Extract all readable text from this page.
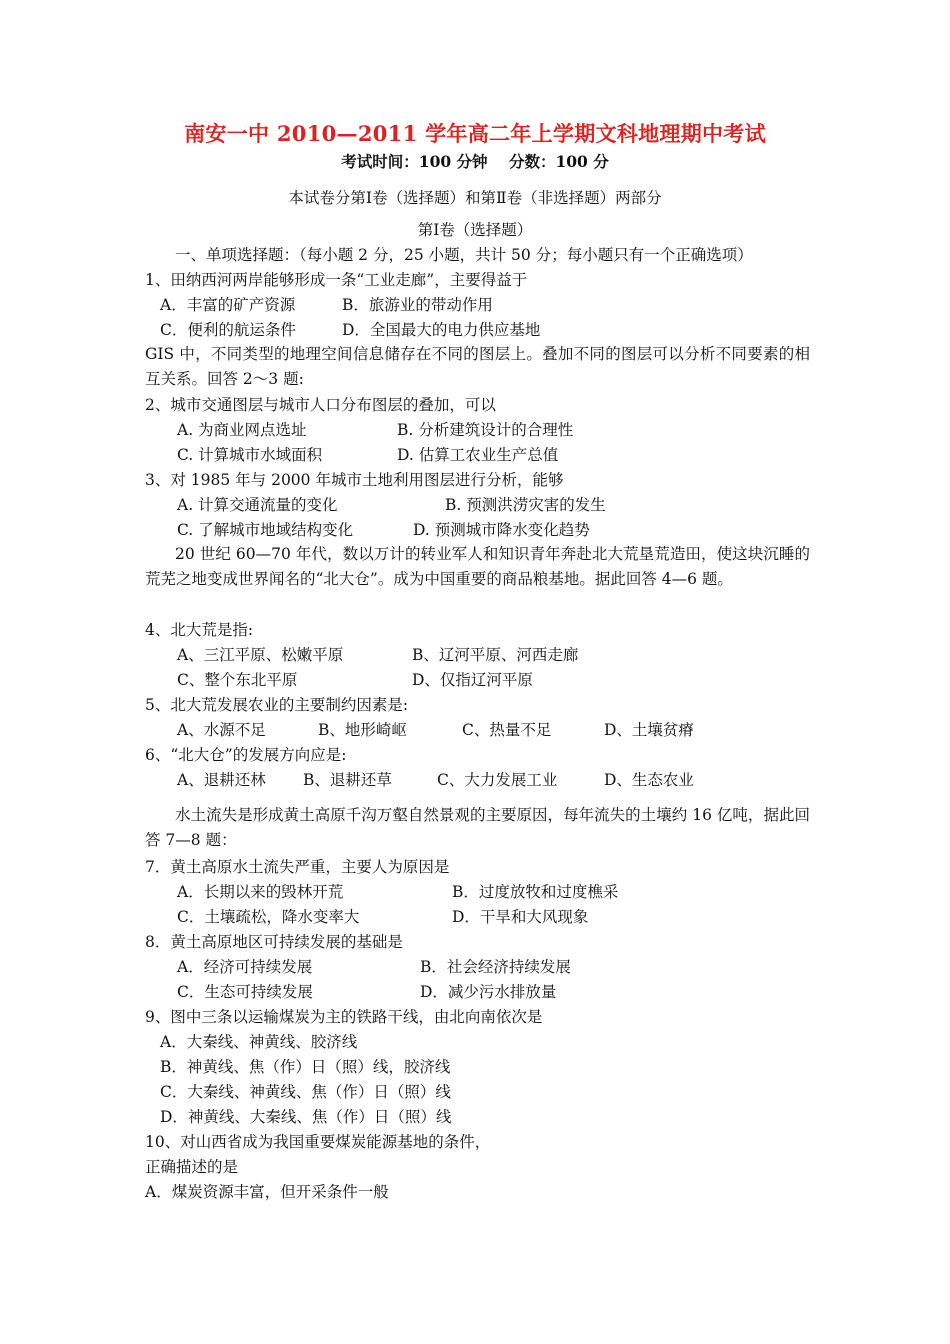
南安一中 2010—2011 学年高二年上学期文科地理期中考试
考试时间：100 分钟 分数：100 分
本试卷分第Ⅰ卷（选择题）和第Ⅱ卷（非选择题）两部分
第Ⅰ卷（选择题）
一、单项选择题：（每小题 2 分，25 小题，共计 50 分；每小题只有一个正确选项）
1、田纳西河两岸能够形成一条“工业走廊”，主要得益于
A．丰富的矿产资源	B．旅游业的带动作用
C．便利的航运条件	D．全国最大的电力供应基地
GIS 中，不同类型的地理空间信息储存在不同的图层上。叠加不同的图层可以分析不同要素的相互关系。回答 2～3 题:
2、城市交通图层与城市人口分布图层的叠加，可以
A. 为商业网点选址	B. 分析建筑设计的合理性
C. 计算城市水域面积	D. 估算工农业生产总值
3、对 1985 年与 2000 年城市土地利用图层进行分析，能够
A. 计算交通流量的变化	B. 预测洪涝灾害的发生
C. 了解城市地域结构变化	D. 预测城市降水变化趋势
20 世纪 60—70 年代，数以万计的转业军人和知识青年奔赴北大荒垦荒造田，使这块沉睡的荒芜之地变成世界闻名的“北大仓”。成为中国重要的商品粮基地。据此回答 4—6 题。
4、北大荒是指:
A、三江平原、松嫩平原	B、辽河平原、河西走廊
C、整个东北平原	D、仅指辽河平原
5、北大荒发展农业的主要制约因素是:
A、水源不足	B、地形崎岖	C、热量不足	D、土壤贫瘠
6、“北大仓”的发展方向应是:
A、退耕还林 B、退耕还草	C、大力发展工业	D、生态农业
水土流失是形成黄土高原千沟万壑自然景观的主要原因，每年流失的土壤约 16 亿吨，据此回答 7—8 题：
7．黄土高原水土流失严重，主要人为原因是
A．长期以来的毁林开荒	B．过度放牧和过度樵采
C．土壤疏松，降水变率大	D．干旱和大风现象
8．黄土高原地区可持续发展的基础是
A．经济可持续发展	B．社会经济持续发展
C．生态可持续发展	D．减少污水排放量
9、图中三条以运输煤炭为主的铁路干线，由北向南依次是
A．大秦线、神黄线、胶济线
B．神黄线、焦（作）日（照）线，胶济线
C．大秦线、神黄线、焦（作）日（照）线
D．神黄线、大秦线、焦（作）日（照）线
10、对山西省成为我国重要煤炭能源基地的条件，
正确描述的是
A．煤炭资源丰富，但开采条件一般
